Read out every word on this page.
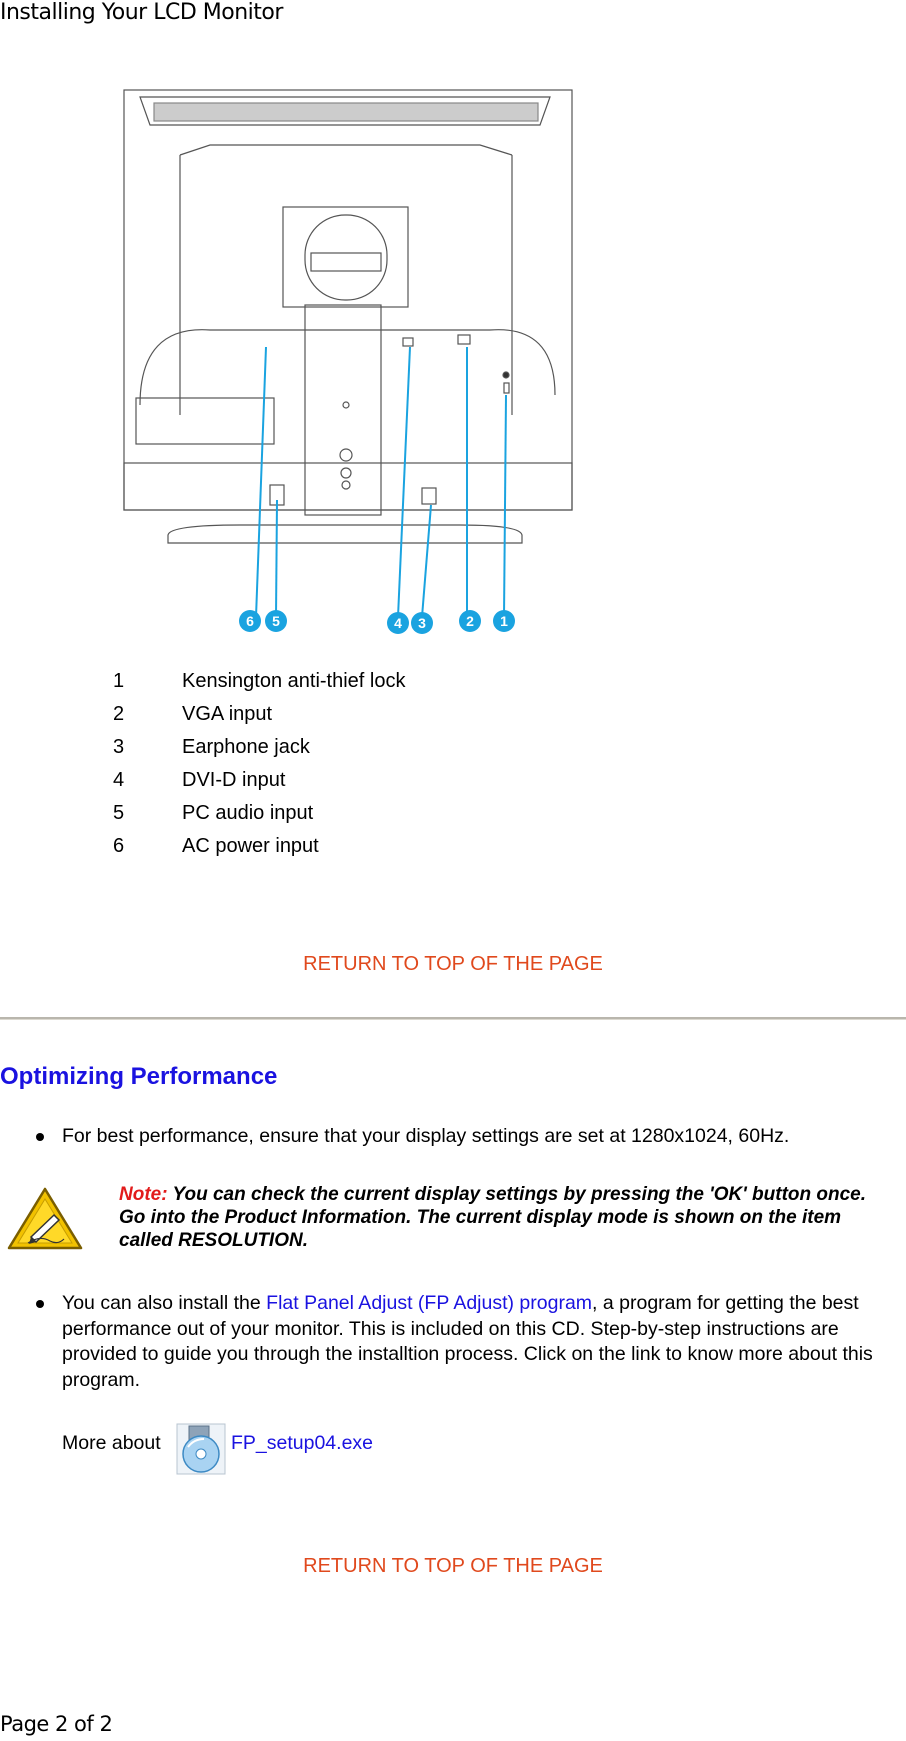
Installing Your LCD Monitor
6 5	4 3	2 1
1	Kensington anti-thief lock
2	VGA input
3	Earphone jack
4	DVI-D input
5	PC audio input
6	AC power input
RETURN TO TOP OF THE PAGE
Optimizing Performance
For best performance, ensure that your display settings are set at 1280x1024, 60Hz.
Note: You can check the current display settings by pressing the 'OK' button once. Go into the Product Information. The current display mode is shown on the item called RESOLUTION.
You can also install the Flat Panel Adjust (FP Adjust) program, a program for getting the best performance out of your monitor. This is included on this CD. Step-by-step instructions are provided to guide you through the installtion process. Click on the link to know more about this program.
More about	FP_setup04.exe
RETURN TO TOP OF THE PAGE
Page 2 of 2
